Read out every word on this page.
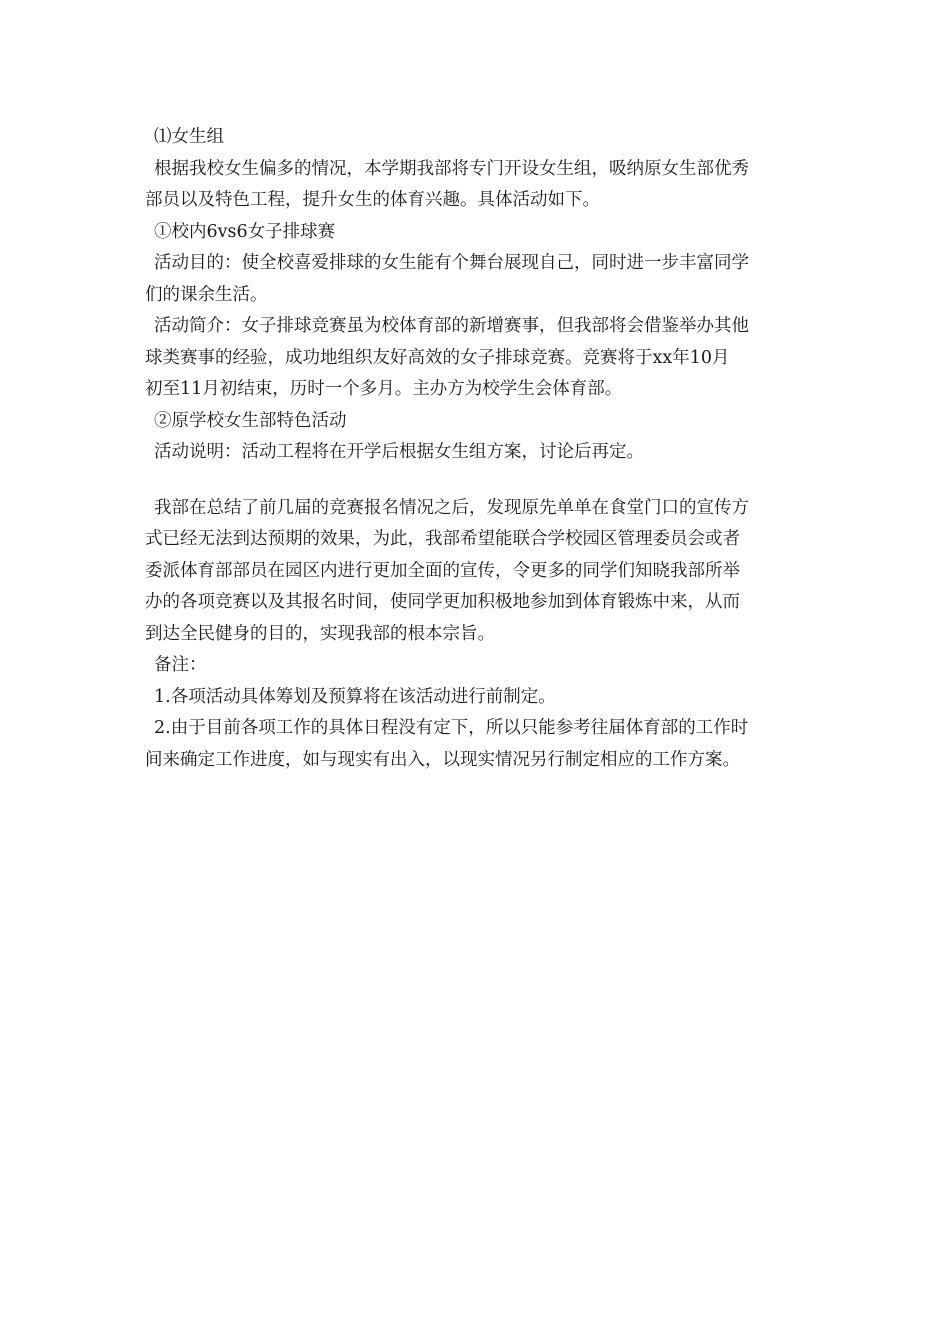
⑴女生组
根据我校女生偏多的情况，本学期我部将专门开设女生组，吸纳原女生部优秀
部员以及特色工程，提升女生的体育兴趣。具体活动如下。
①校内6vs6女子排球赛
活动目的：使全校喜爱排球的女生能有个舞台展现自己，同时进一步丰富同学
们的课余生活。
活动简介：女子排球竞赛虽为校体育部的新增赛事，但我部将会借鉴举办其他
球类赛事的经验，成功地组织友好高效的女子排球竞赛。竞赛将于xx年10月
初至11月初结束，历时一个多月。主办方为校学生会体育部。
②原学校女生部特色活动
活动说明：活动工程将在开学后根据女生组方案，讨论后再定。
我部在总结了前几届的竞赛报名情况之后，发现原先单单在食堂门口的宣传方
式已经无法到达预期的效果，为此，我部希望能联合学校园区管理委员会或者
委派体育部部员在园区内进行更加全面的宣传，令更多的同学们知晓我部所举
办的各项竞赛以及其报名时间，使同学更加积极地参加到体育锻炼中来，从而
到达全民健身的目的，实现我部的根本宗旨。
备注：
1.各项活动具体筹划及预算将在该活动进行前制定。
2.由于目前各项工作的具体日程没有定下，所以只能参考往届体育部的工作时
间来确定工作进度，如与现实有出入，以现实情况另行制定相应的工作方案。
